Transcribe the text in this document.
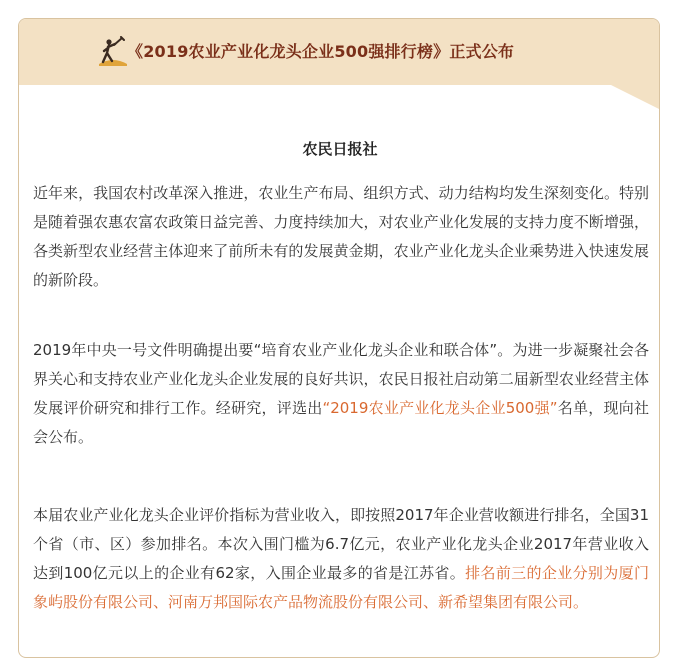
《2019农业产业化龙头企业500强排行榜》正式公布
农民日报社

近年来，我国农村改革深入推进，农业生产布局、组织方式、动力结构均发生深刻变化。特别是随着强农惠农富农政策日益完善、力度持续加大，对农业产业化发展的支持力度不断增强，各类新型农业经营主体迎来了前所未有的发展黄金期，农业产业化龙头企业乘势进入快速发展的新阶段。

2019年中央一号文件明确提出要“培育农业产业化龙头企业和联合体”。为进一步凝聚社会各界关心和支持农业产业化龙头企业发展的良好共识，农民日报社启动第二届新型农业经营主体发展评价研究和排行工作。经研究，评选出“2019农业产业化龙头企业500强”名单，现向社会公布。

本届农业产业化龙头企业评价指标为营业收入，即按照2017年企业营收额进行排名，全国31个省（市、区）参加排名。本次入围门槛为6.7亿元，农业产业化龙头企业2017年营业收入达到100亿元以上的企业有62家，入围企业最多的省是江苏省。排名前三的企业分别为厦门象屿股份有限公司、河南万邦国际农产品物流股份有限公司、新希望集团有限公司。
